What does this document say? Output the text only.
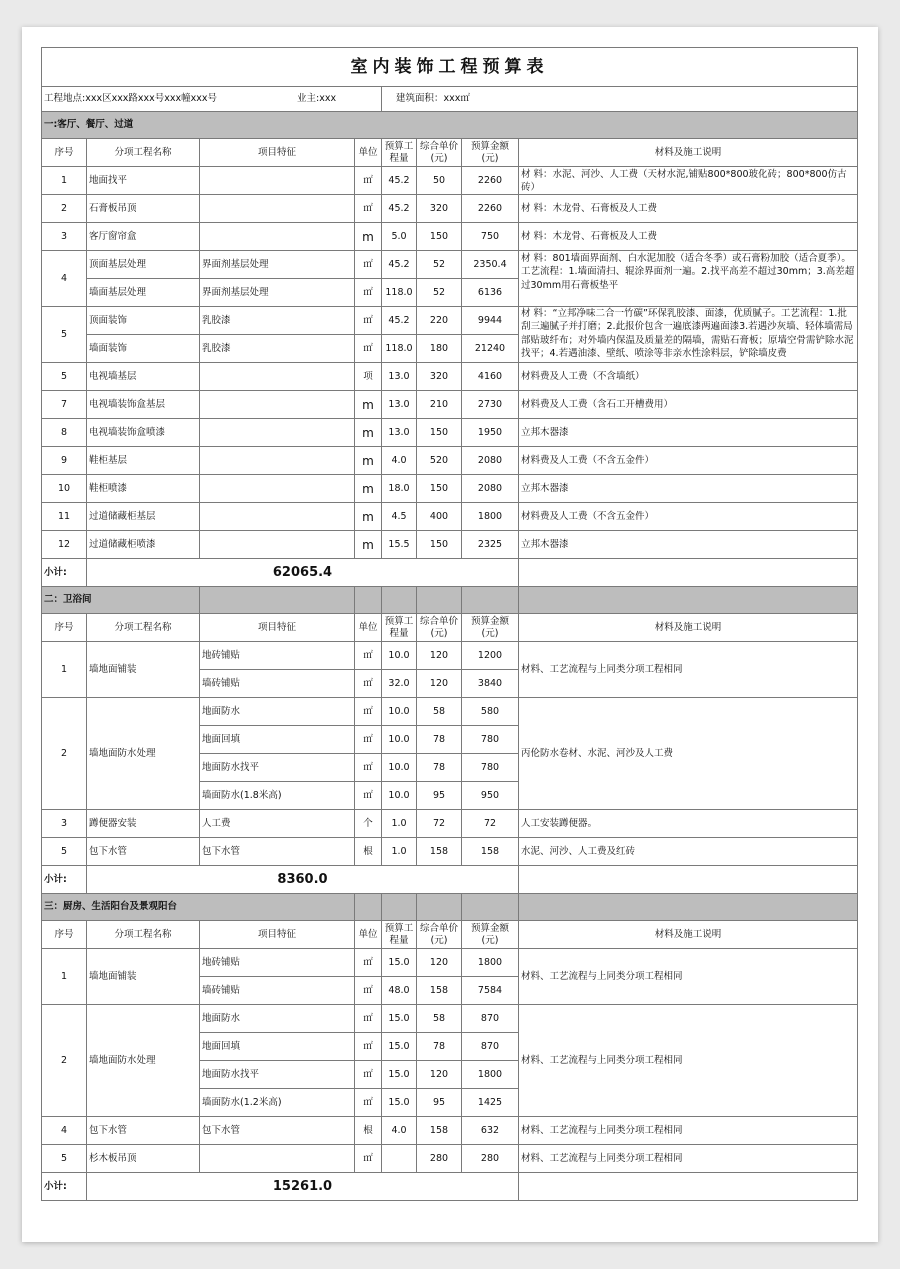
室内装饰工程预算表							
工程地点:xxx区xxx路xxx号xxx幢xxx号 业主:xxx				建筑面积：xxx㎡			
一:客厅、餐厅、过道							
序号	分项工程名称	项目特征	单位	预算工程量	综合单价(元)	预算金额(元)	材料及施工说明
1	地面找平		㎡	45.2	50	2260	材 料：水泥、河沙、人工费（天材水泥,铺贴800*800玻化砖；800*800仿古砖）
2	石膏板吊顶		㎡	45.2	320	2260	材 料：木龙骨、石膏板及人工费
3	客厅窗帘盒		m	5.0	150	750	材 料：木龙骨、石膏板及人工费
4	顶面基层处理	界面剂基层处理	㎡	45.2	52	2350.4	材 料：801墙面界面剂、白水泥加胶（适合冬季）或石膏粉加胶（适合夏季）。工艺流程：1.墙面清扫、辊涂界面剂一遍。2.找平高差不超过30mm；3.高差超过30mm用石膏板垫平
	墙面基层处理	界面剂基层处理	㎡	118.0	52	6136	
5	顶面装饰	乳胶漆	㎡	45.2	220	9944	材 料：“立邦净味二合一竹碳”环保乳胶漆、面漆，优质腻子。工艺流程：1.批刮三遍腻子并打磨；2.此报价包含一遍底漆两遍面漆3.若遇沙灰墙、轻体墙需局部贴玻纤布；对外墙内保温及质量差的隔墙，需贴石膏板；原墙空骨需铲除水泥找平；4.若遇油漆、壁纸、喷涂等非亲水性涂料层，铲除墙皮费

	墙面装饰	乳胶漆	㎡	118.0	180	21240	
5	电视墙基层		项	13.0	320	4160	材料费及人工费（不含墙纸）
7	电视墙装饰盒基层		m	13.0	210	2730	材料费及人工费（含石工开槽费用）
8	电视墙装饰盒喷漆		m	13.0	150	1950	立邦木器漆
9	鞋柜基层		m	4.0	520	2080	材料费及人工费（不含五金件）
10	鞋柜喷漆		m	18.0	150	2080	立邦木器漆
11	过道储藏柜基层		m	4.5	400	1800	材料费及人工费（不含五金件）
12	过道储藏柜喷漆		m	15.5	150	2325	立邦木器漆
小计:	62065.4						
二：卫浴间							
序号	分项工程名称	项目特征	单位	预算工程量	综合单价(元)	预算金额(元)	材料及施工说明
1	墙地面铺装	地砖铺贴	㎡	10.0	120	1200	材料、工艺流程与上同类分项工程相同
		墙砖铺贴	㎡	32.0	120	3840	
2	墙地面防水处理	地面防水	㎡	10.0	58	580	丙伦防水卷材、水泥、河沙及人工费
		地面回填	㎡	10.0	78	780	
		地面防水找平	㎡	10.0	78	780	
		墙面防水(1.8米高)	㎡	10.0	95	950	
3	蹲便器安装	人工费	个	1.0	72	72	人工安装蹲便器。
5	包下水管	包下水管	根	1.0	158	158	水泥、河沙、人工费及红砖
小计:	8360.0						
三：厨房、生活阳台及景观阳台							
序号	分项工程名称	项目特征	单位	预算工程量	综合单价(元)	预算金额(元)	材料及施工说明
1	墙地面铺装	地砖铺贴	㎡	15.0	120	1800	材料、工艺流程与上同类分项工程相同
		墙砖铺贴	㎡	48.0	158	7584	
2	墙地面防水处理	地面防水	㎡	15.0	58	870	材料、工艺流程与上同类分项工程相同
		地面回填	㎡	15.0	78	870	
		地面防水找平	㎡	15.0	120	1800	
		墙面防水(1.2米高)	㎡	15.0	95	1425	
4	包下水管	包下水管	根	4.0	158	632	材料、工艺流程与上同类分项工程相同
5	杉木板吊顶		㎡		280	280	材料、工艺流程与上同类分项工程相同
小计:	15261.0						
